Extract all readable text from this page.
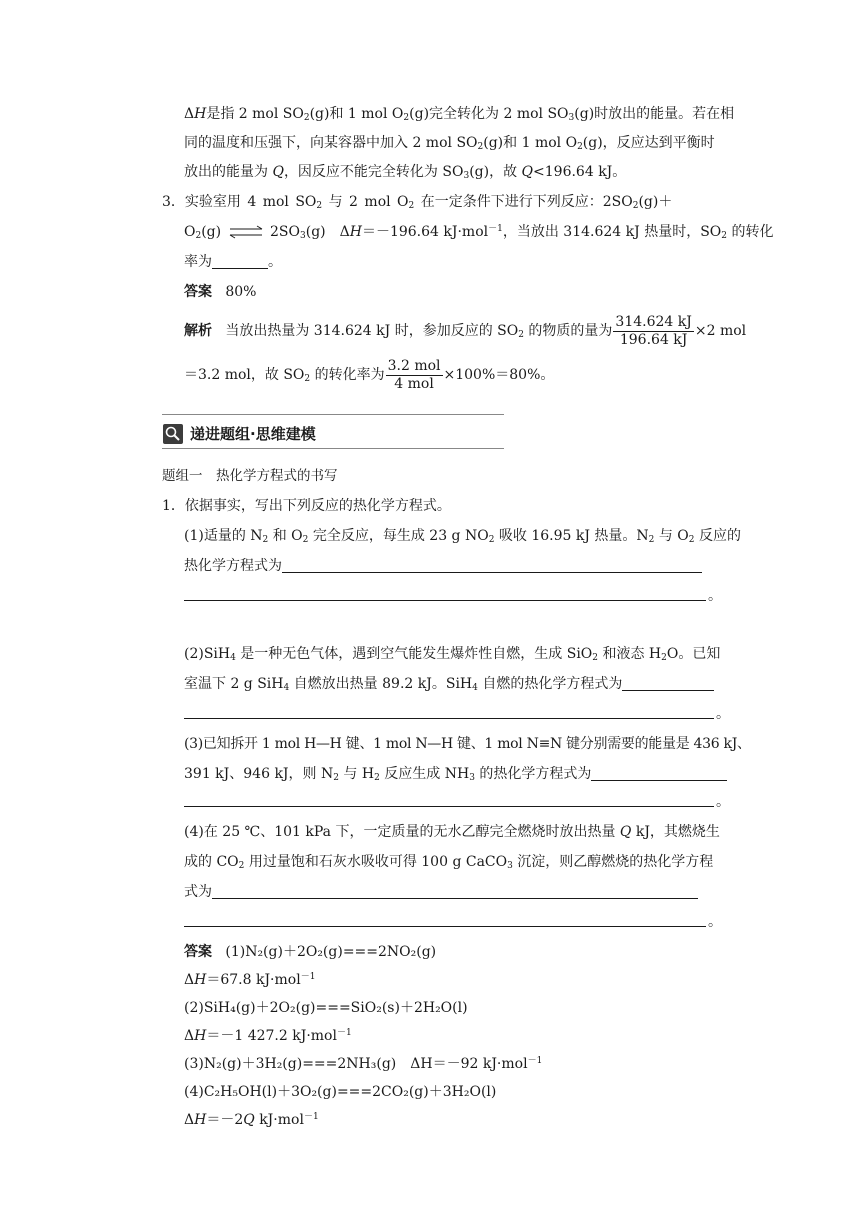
ΔH是指 2 mol $SO_2(g)$和 1 mol $O_2(g)$完全转化为 2 mol $SO_3(g)$时放出的能量。若在相
同的温度和压强下，向某容器中加入 2 mol $SO_2(g)$和 1 mol $O_2(g)$，反应达到平衡时
放出的能量为 Q，因反应不能完全转化为 $SO_3(g)$，故 Q<196.64 kJ。
3．实验室用 4 mol $SO_2$ 与 2 mol $O_2$ 在一定条件下进行下列反应：$2SO_2(g)+$
$O_2(g)$ ⇌ $2SO_3(g)$　ΔH＝－196.64 kJ·mol$^{-1}$，当放出 314.624 kJ 热量时，$SO_2$ 的转化
率为	。
答案 80%
解析 当放出热量为 314.624 kJ 时，参加反应的 $SO_2$ 的物质的量为 $\frac{314.624 kJ}{196.64 kJ} \times 2$ mol
＝3.2 mol，故 $SO_2$ 的转化率为 $\frac{\text{3.2 mol}}{\text{4 mol}} \times 100\%=80\%$。
递进题组·思维建模
题组一　热化学方程式的书写
1．依据事实，写出下列反应的热化学方程式。
(1)适量的 $N_2$ 和 $O_2$ 完全反应，每生成 23 g $NO_2$ 吸收 16.95 kJ 热量。$N_2$ 与 $O_2$ 反应的
热化学方程式为
。
(2)SiH$_4$ 是一种无色气体，遇到空气能发生爆炸性自燃，生成 SiO$_2$ 和液态 $H_2O$。已知
室温下 2 g SiH$_4$ 自燃放出热量 89.2 kJ。SiH$_4$ 自燃的热化学方程式为
。
(3)已知拆开 1 mol H—H 键、1 mol N—H 键、1 mol N≡N 键分别需要的能量是 436 kJ、
391 kJ、946 kJ，则 $N_2$ 与 $H_2$ 反应生成 $NH_3$ 的热化学方程式为
。
(4)在 25 ℃、101 kPa 下，一定质量的无水乙醇完全燃烧时放出热量 Q kJ，其燃烧生
成的 $CO_2$ 用过量饱和石灰水吸收可得 100 g CaCO$_3$ 沉淀，则乙醇燃烧的热化学方程
式为
。
答案 (1)N₂(g)＋2O₂(g)===2NO₂(g)
ΔH＝67.8 kJ·mol$^{-1}$
(2)SiH₄(g)＋2O₂(g)===SiO₂(s)＋2H₂O(l)
ΔH＝－1 427.2 kJ·mol$^{-1}$
(3)N₂(g)＋3H₂(g)===2NH₃(g)　ΔH＝－92 kJ·mol$^{-1}$
(4)C₂H₅OH(l)＋3O₂(g)===2CO₂(g)＋3H₂O(l)
ΔH＝－2Q kJ·mol$^{-1}$
